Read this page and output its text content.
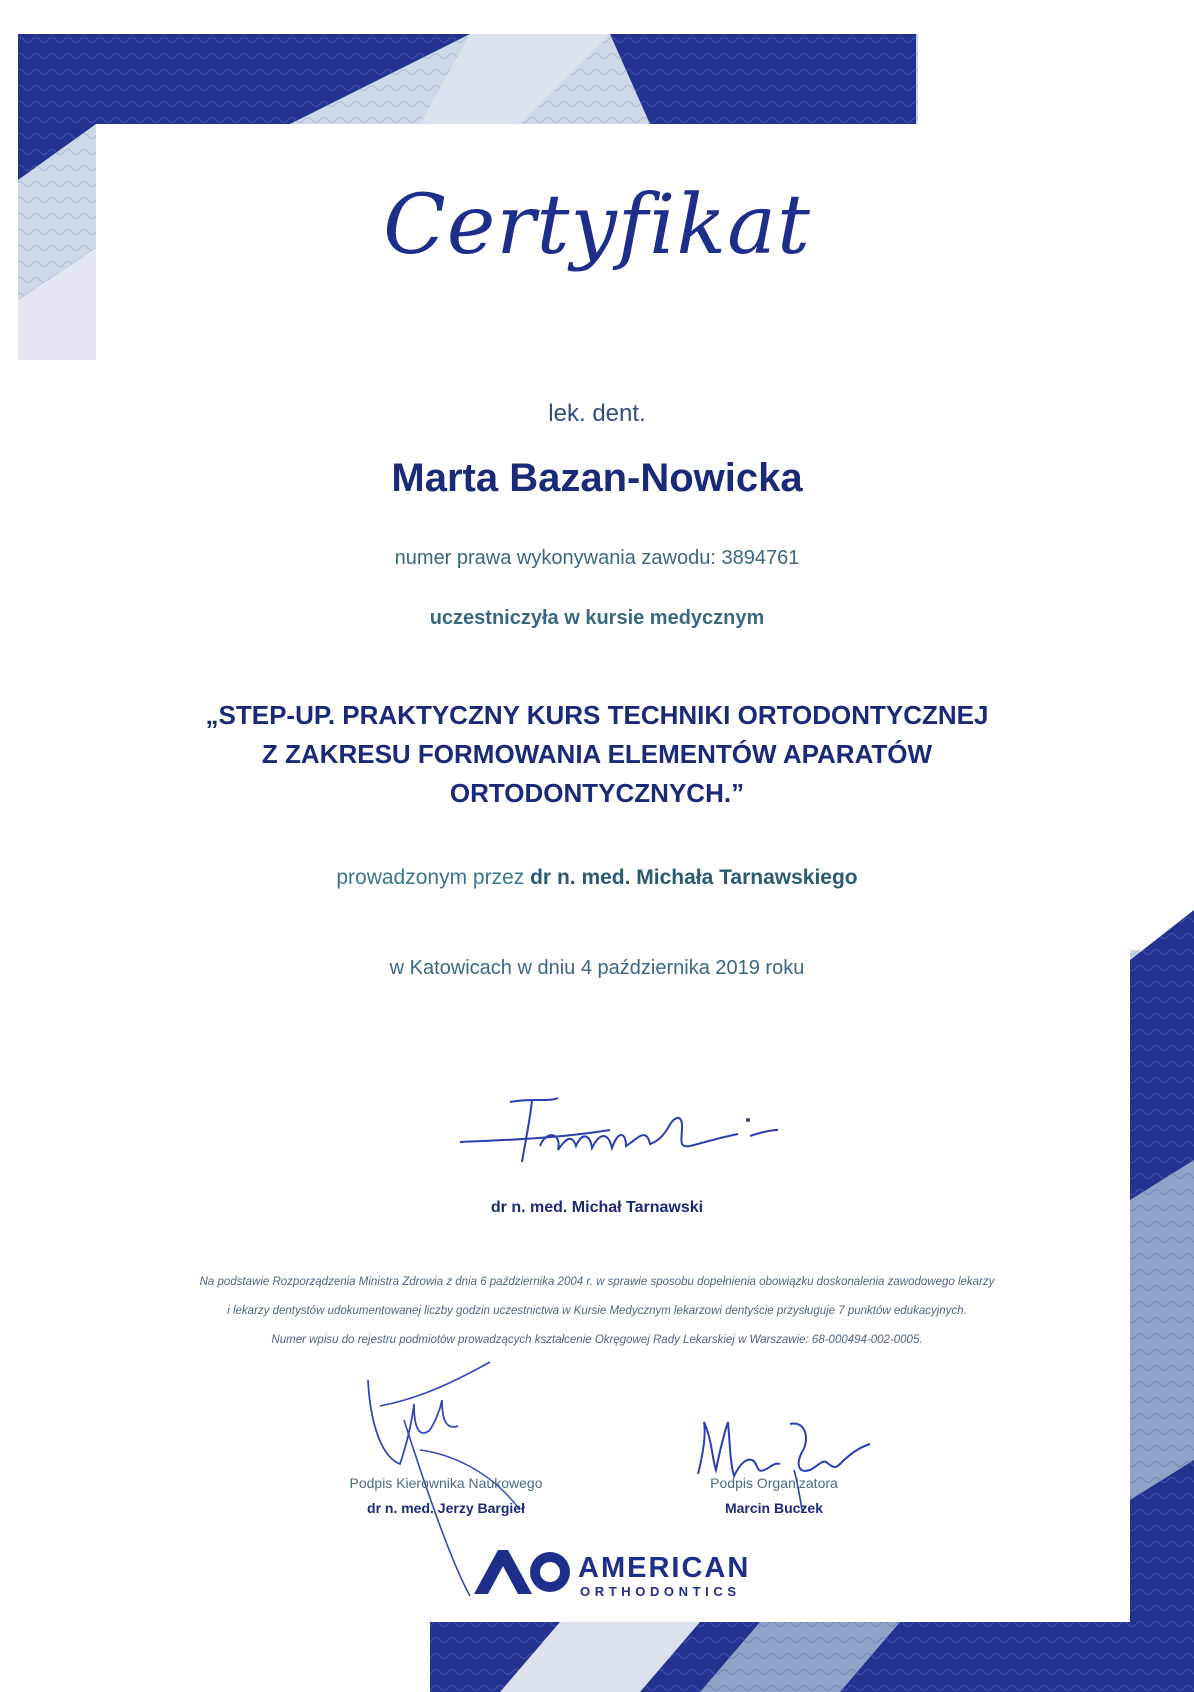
Certyfikat
lek. dent.
Marta Bazan-Nowicka
numer prawa wykonywania zawodu: 3894761
uczestniczyła w kursie medycznym
„STEP-UP. PRAKTYCZNY KURS TECHNIKI ORTODONTYCZNEJ
Z ZAKRESU FORMOWANIA ELEMENTÓW APARATÓW
ORTODONTYCZNYCH.”
prowadzonym przez dr n. med. Michała Tarnawskiego
w Katowicach w dniu 4 października 2019 roku
dr n. med. Michał Tarnawski
Na podstawie Rozporządzenia Ministra Zdrowia z dnia 6 października 2004 r. w sprawie sposobu dopełnienia obowiązku doskonalenia zawodowego lekarzy
i lekarzy dentystów udokumentowanej liczby godzin uczestnictwa w Kursie Medycznym lekarzowi dentyście przysługuje 7 punktów edukacyjnych.
Numer wpisu do rejestru podmiotów prowadzących kształcenie Okręgowej Rady Lekarskiej w Warszawie: 68-000494-002-0005.
Podpis Kierownika Naukowego
dr n. med. Jerzy Bargieł
Podpis Organizatora
Marcin Buczek
AMERICAN
ORTHODONTICS
